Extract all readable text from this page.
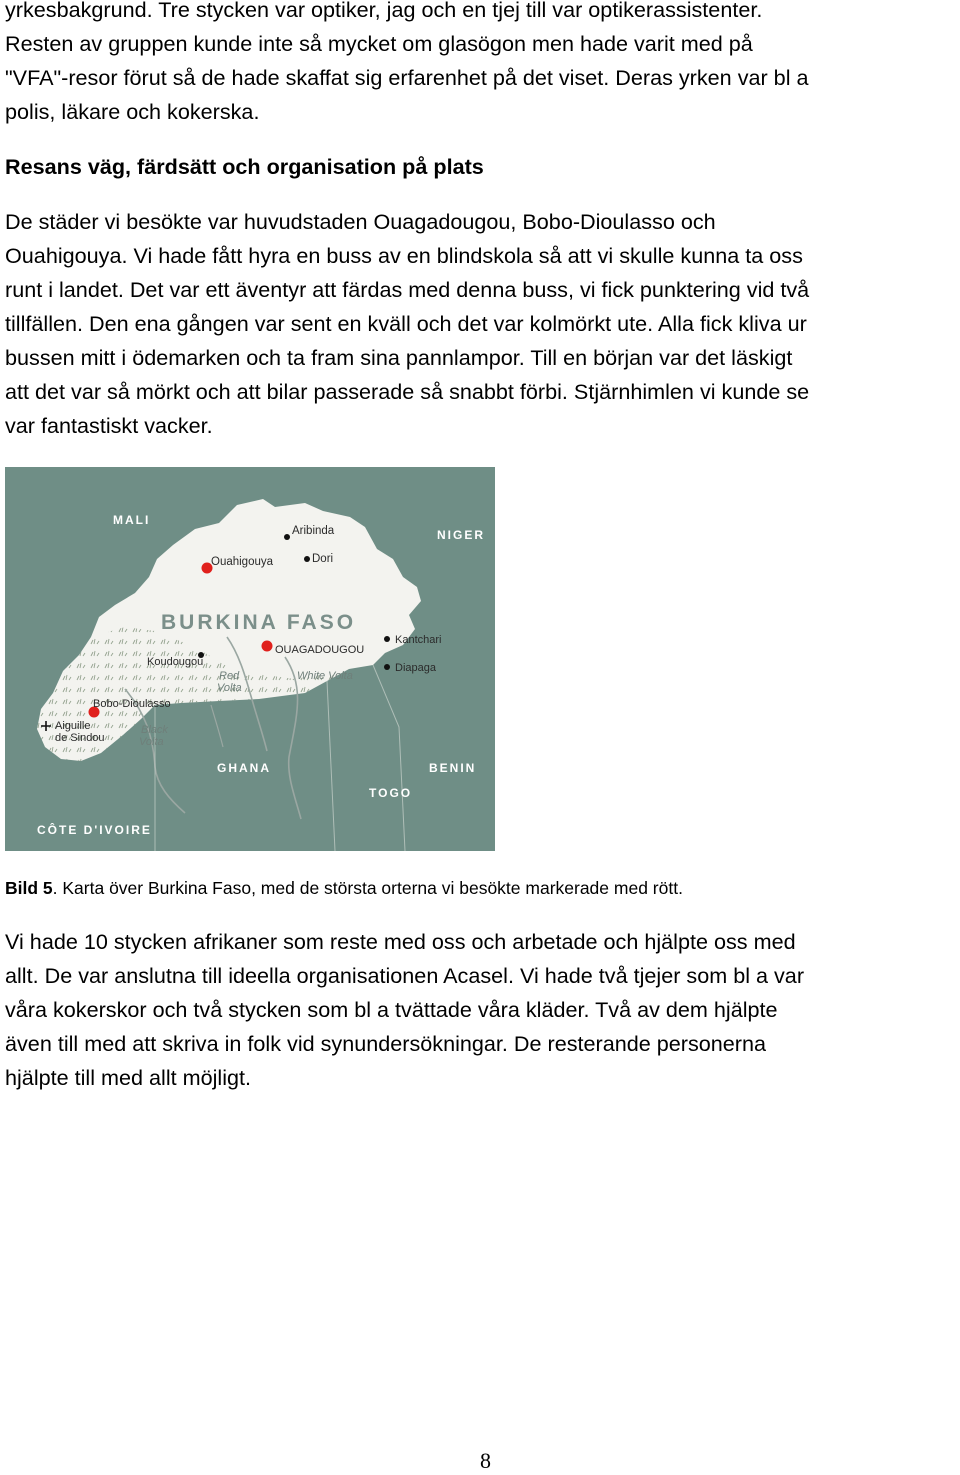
yrkesbakgrund. Tre stycken var optiker, jag och en tjej till var optikerassistenter.
Resten av gruppen kunde inte så mycket om glasögon men hade varit med på
"VFA"-resor förut så de hade skaffat sig erfarenhet på det viset. Deras yrken var bl a
polis, läkare och kokerska.
Resans väg, färdsätt och organisation på plats
De städer vi besökte var huvudstaden Ouagadougou, Bobo-Dioulasso och
Ouahigouya. Vi hade fått hyra en buss av en blindskola så att vi skulle kunna ta oss
runt i landet. Det var ett äventyr att färdas med denna buss, vi fick punktering vid två
tillfällen. Den ena gången var sent en kväll och det var kolmörkt ute. Alla fick kliva ur
bussen mitt i ödemarken och ta fram sina pannlampor. Till en början var det läskigt
att det var så mörkt och att bilar passerade så snabbt förbi. Stjärnhimlen vi kunde se
var fantastiskt vacker.
MALI
NIGER
GHANA
TOGO
BENIN
CÔTE D'IVOIRE
BURKINA FASO
Ouahigouya
Aribinda
Dori
OUAGADOUGOU
Kantchari
Diapaga
Koudougou
Bobo-Dioulasso
Aiguille
de Sindou
Red
Volta
White Volta
Black
Volta

Bild 5. Karta över Burkina Faso, med de största orterna vi besökte markerade med rött.

Vi hade 10 stycken afrikaner som reste med oss och arbetade och hjälpte oss med
allt. De var anslutna till ideella organisationen Acasel. Vi hade två tjejer som bl a var
våra kokerskor och två stycken som bl a tvättade våra kläder. Två av dem hjälpte
även till med att skriva in folk vid synundersökningar. De resterande personerna
hjälpte till med allt möjligt.
8
